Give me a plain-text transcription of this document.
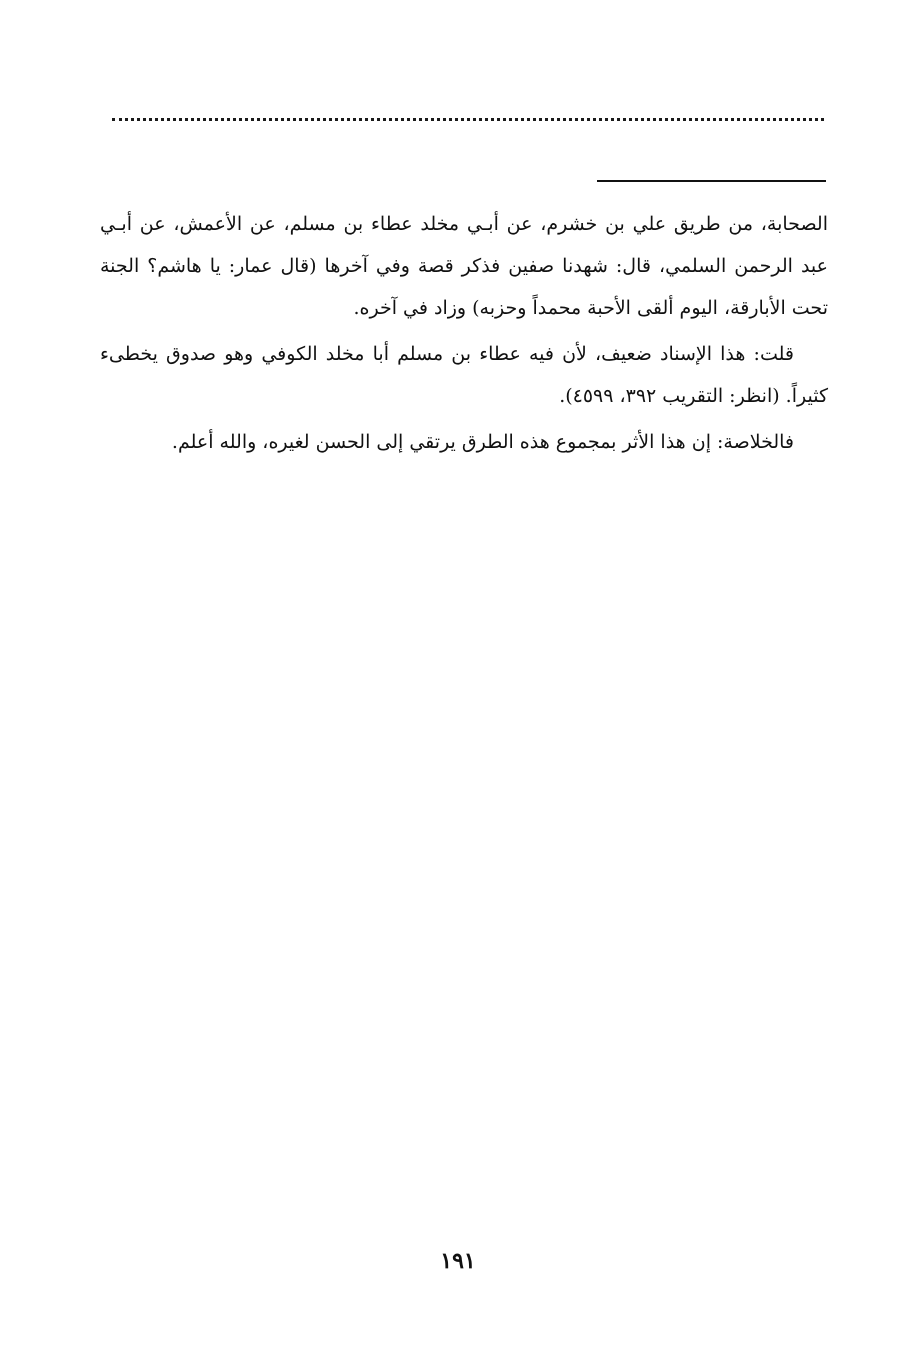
الصحابة، من طريق علي بن خشرم، عن أبـي مخلد عطاء بن مسلم، عن الأعمش، عن أبـي عبد الرحمن السلمي، قال: شهدنا صفين فذكر قصة وفي آخرها (قال عمار: يا هاشم؟ الجنة تحت الأبارقة، اليوم ألقى الأحبة محمداً وحزبه) وزاد في آخره.

قلت: هذا الإسناد ضعيف، لأن فيه عطاء بن مسلم أبا مخلد الكوفي وهو صدوق يخطىء كثيراً. (انظر: التقريب ٣٩٢، ٤٥٩٩).

فالخلاصة: إن هذا الأثر بمجموع هذه الطرق يرتقي إلى الحسن لغيره، والله أعلم.

١٩١
